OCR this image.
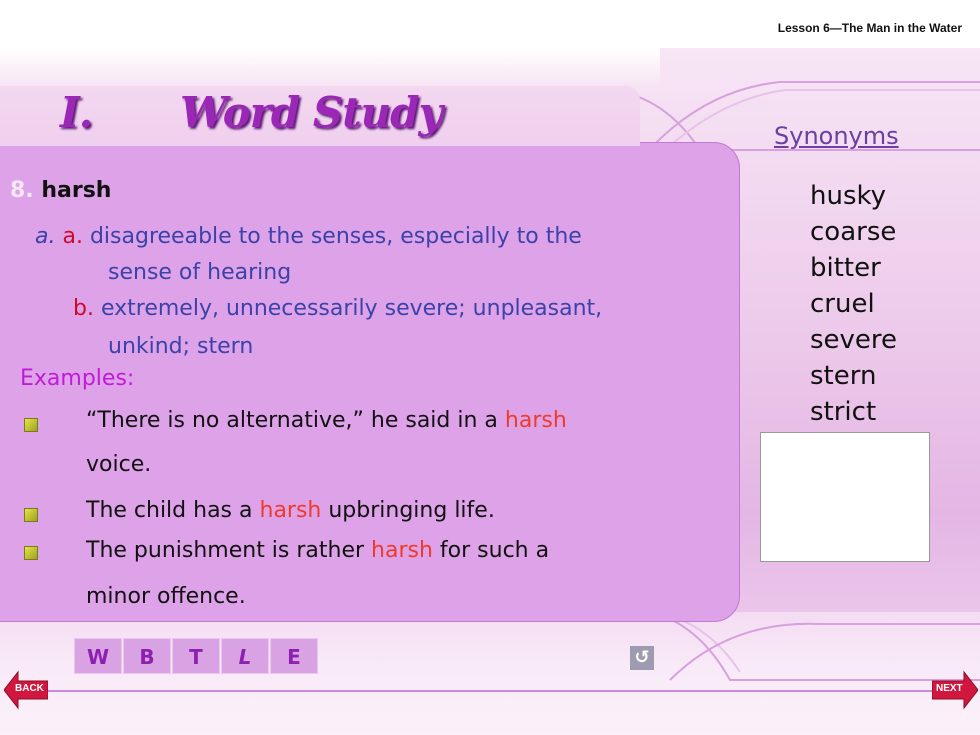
Lesson 6—The Man in the Water
I. Word Study
8. harsh
a. a. disagreeable to the senses, especially to the
sense of hearing
b. extremely, unnecessarily severe; unpleasant,
unkind; stern
Examples:
“There is no alternative,” he said in a harsh
voice.
The child has a harsh upbringing life.
The punishment is rather harsh for such a
minor offence.
Synonyms
husky
coarse
bitter
cruel
severe
stern
strict
W	B	T	L	E	↺
BACK	NEXT
